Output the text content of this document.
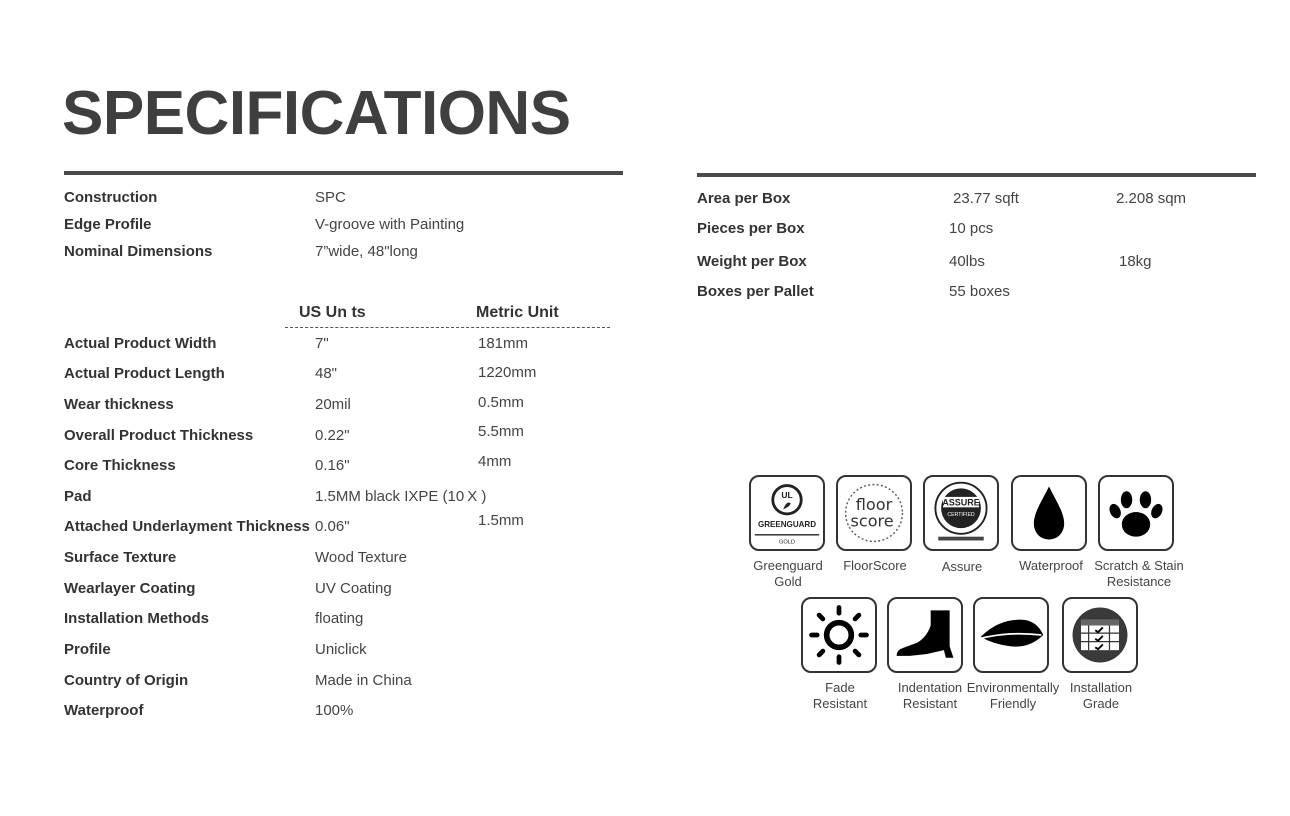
SPECIFICATIONS
Construction	SPC
Edge Profile	V-groove with Painting
Nominal Dimensions	7”wide, 48"long
US Un ts	Metric Unit
Actual Product Width	7"	181mm
Actual Product Length	48"	1220mm
Wear thickness	20mil	0.5mm
Overall Product Thickness	0.22"	5.5mm
Core Thickness	0.16"	4mm
Pad	1.5MM black IXPE (10 X )
Attached Underlayment Thickness 0.06"	1.5mm
Surface Texture	Wood Texture
Wearlayer Coating	UV Coating
Installation Methods	floating
Profile	Uniclick
Country of Origin	Made in China
Waterproof	100%
Area per Box	23.77 sqft	2.208 sqm
Pieces per Box	10 pcs
Weight per Box	40lbs	18kg
Boxes per Pallet	55 boxes
UL
GREENGUARD
GOLD
floor
score
ASSURE
CERTIFIED
Greenguard
Gold
FloorScore	Assure	Waterproof Scratch & Stain
Resistance
Fade
Resistant
Indentation
Resistant
Environmentally
Friendly
Installation
Grade
